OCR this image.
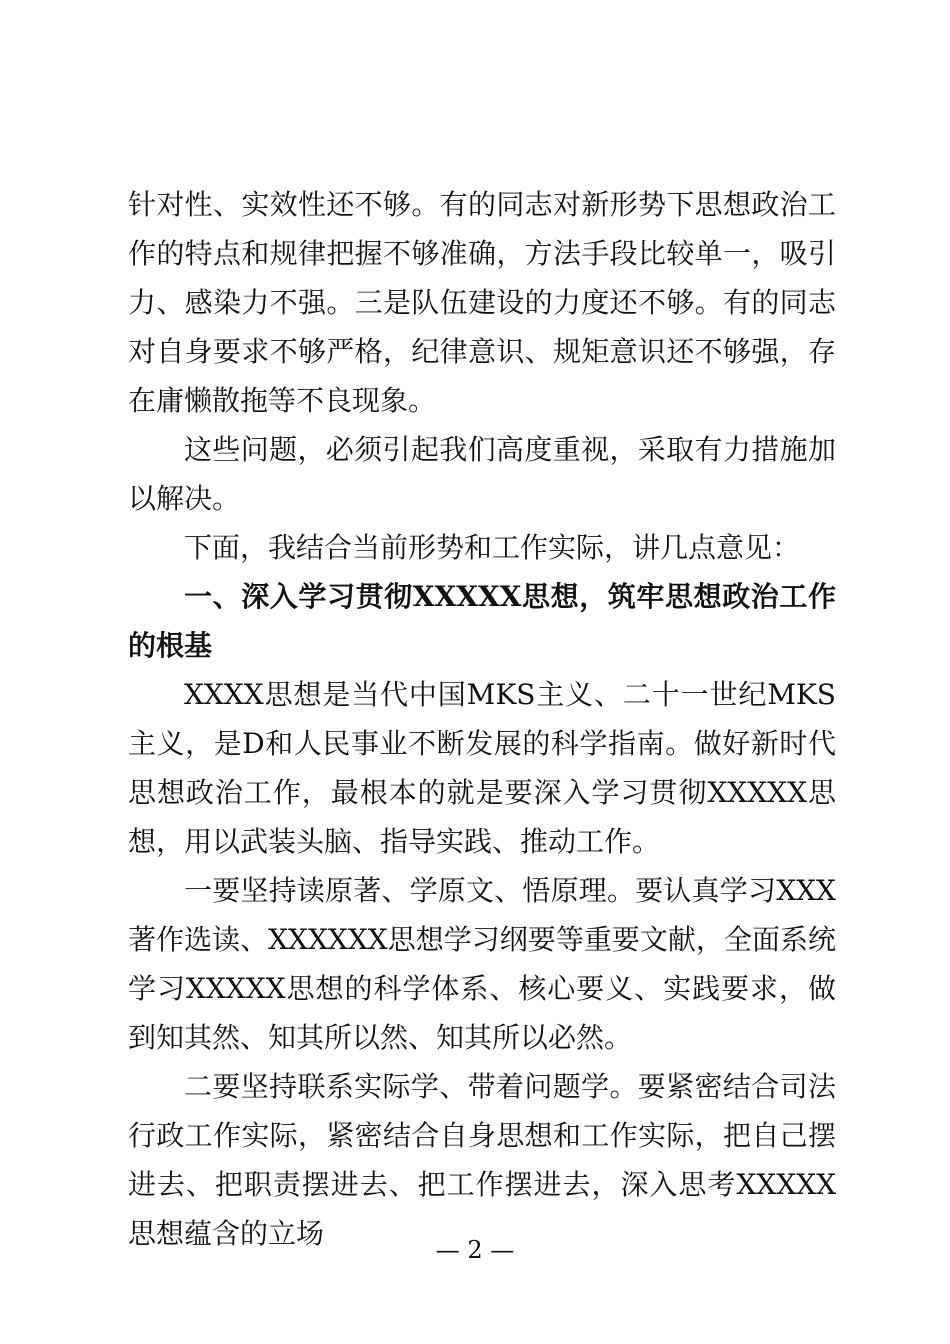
针对性、实效性还不够。有的同志对新形势下思想政治工作的特点和规律把握不够准确，方法手段比较单一，吸引力、感染力不强。三是队伍建设的力度还不够。有的同志对自身要求不够严格，纪律意识、规矩意识还不够强，存在庸懒散拖等不良现象。

这些问题，必须引起我们高度重视，采取有力措施加以解决。

下面，我结合当前形势和工作实际，讲几点意见：

一、深入学习贯彻XXXXX思想，筑牢思想政治工作的根基

XXXX思想是当代中国MKS主义、二十一世纪MKS主义，是D和人民事业不断发展的科学指南。做好新时代思想政治工作，最根本的就是要深入学习贯彻XXXXX思想，用以武装头脑、指导实践、推动工作。

一要坚持读原著、学原文、悟原理。要认真学习XXX著作选读、XXXXXX思想学习纲要等重要文献，全面系统学习XXXXX思想的科学体系、核心要义、实践要求，做到知其然、知其所以然、知其所以必然。

二要坚持联系实际学、带着问题学。要紧密结合司法行政工作实际，紧密结合自身思想和工作实际，把自己摆进去、把职责摆进去、把工作摆进去，深入思考XXXXX思想蕴含的立场	— 2 —
